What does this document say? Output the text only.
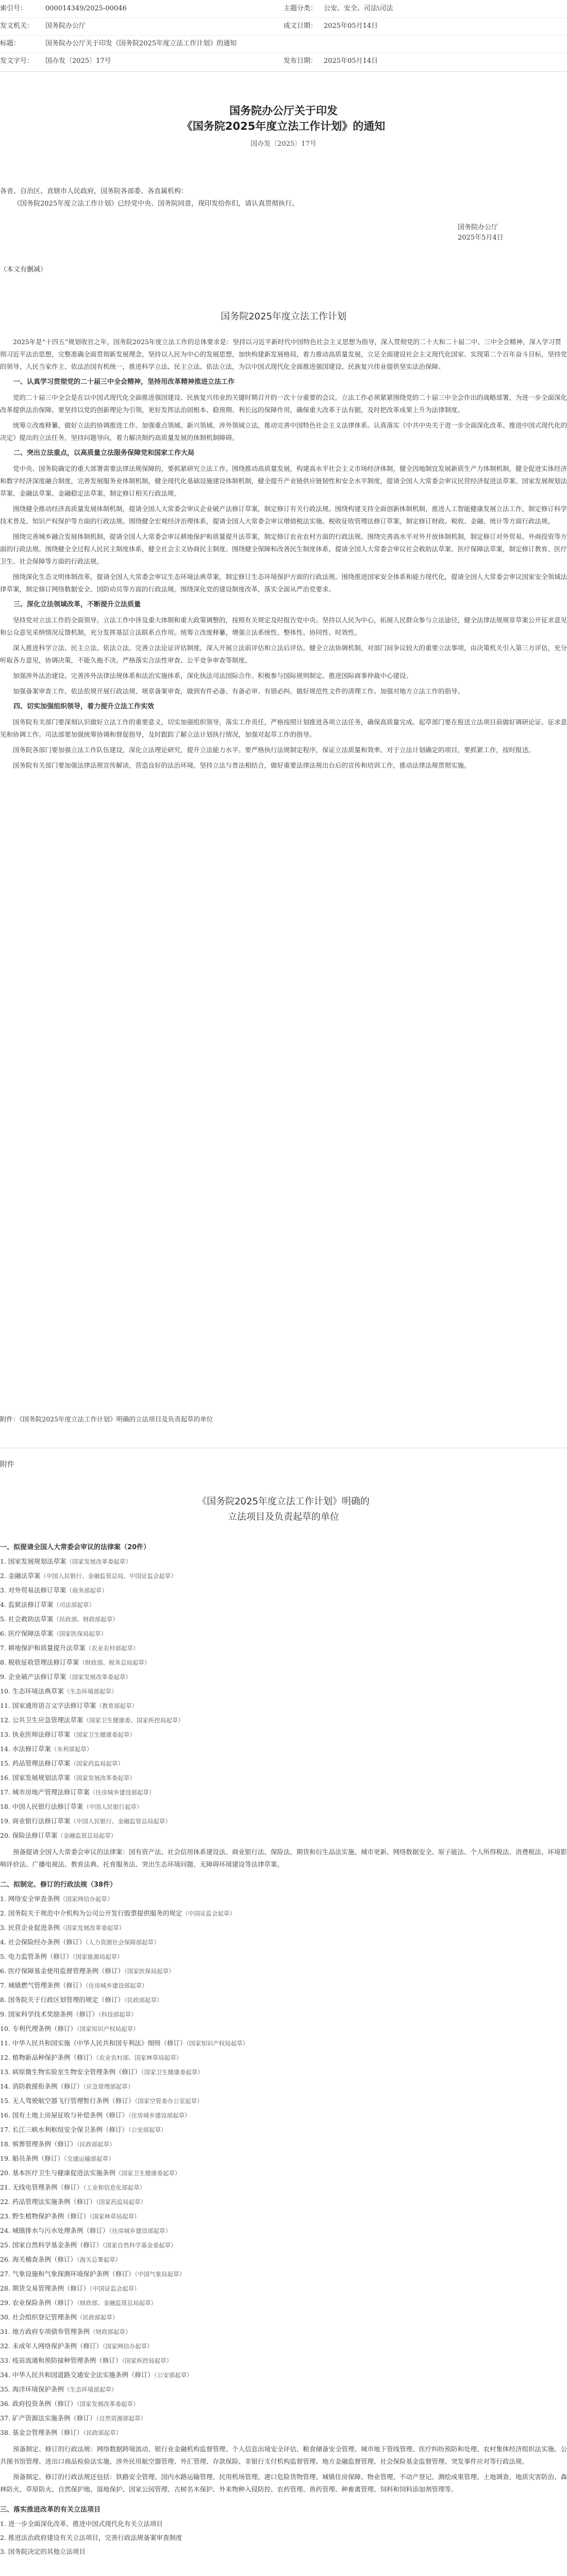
索引号：	000014349/2025-00046	主题分类： 公安、安全、司法\司法
发文机关： 国务院办公厅	成文日期： 2025年05月14日
标题：	国务院办公厅关于印发《国务院2025年度立法工作计划》的通知
发文字号： 国办发〔2025〕17号	发布日期： 2025年05月14日
国务院办公厅关于印发
《国务院2025年度立法工作计划》的通知
国办发〔2025〕17号

各省、自治区、直辖市人民政府，国务院各部委、各直属机构：

《国务院2025年度立法工作计划》已经党中央、国务院同意，现印发给你们，请认真贯彻执行。

国务院办公厅
2025年5月4日
（本文有删减）
国务院2025年度立法工作计划

2025年是“十四五”规划收官之年，国务院2025年度立法工作的总体要求是：坚持以习近平新时代中国特色社会主义思想为指导，深入贯彻党的二十大和二十届二中、三中全会精神，深入学习贯彻习近平法治思想，完整准确全面贯彻新发展理念，坚持以人民为中心的发展思想，加快构建新发展格局，着力推动高质量发展，立足全面建设社会主义现代化国家、实现第二个百年奋斗目标，坚持党的领导、人民当家作主、依法治国有机统一，推进科学立法、民主立法、依法立法，为以中国式现代化全面推进强国建设、民族复兴伟业提供坚实法治保障。

一、认真学习贯彻党的二十届三中全会精神，坚持用改革精神推进立法工作

党的二十届三中全会是在以中国式现代化全面推进强国建设、民族复兴伟业的关键时期召开的一次十分重要的会议。立法工作必须紧紧围绕党的二十届三中全会作出的战略部署，为进一步全面深化改革提供法治保障。要坚持以党的创新理论为引领，更好发挥法治固根本、稳预期、利长远的保障作用，确保重大改革于法有据，及时把改革成果上升为法律制度。

统筹立改废释纂，做好立法的协调推进工作。加强重点领域、新兴领域、涉外领域立法，推动完善中国特色社会主义法律体系。认真落实《中共中央关于进一步全面深化改革、推进中国式现代化的决定》提出的立法任务，坚持问题导向，着力解决制约高质量发展的体制机制障碍。

二、突出立法重点，以高质量立法服务保障党和国家工作大局

党中央、国务院确定的重大部署需要法律法规保障的，要抓紧研究立法工作。围绕推动高质量发展，构建高水平社会主义市场经济体制，健全因地制宜发展新质生产力体制机制，健全促进实体经济和数字经济深度融合制度，完善发展服务业体制机制，健全现代化基础设施建设体制机制，健全提升产业链供应链韧性和安全水平制度，提请全国人大常委会审议民营经济促进法草案、国家发展规划法草案、金融法草案、金融稳定法草案，制定修订相关行政法规。

围绕健全推动经济高质量发展体制机制，提请全国人大常委会审议企业破产法修订草案，制定修订有关行政法规。围绕构建支持全面创新体制机制，推进人工智能健康发展立法工作，制定修订科学技术普及、知识产权保护等方面的行政法规。围绕健全宏观经济治理体系，提请全国人大常委会审议增值税法实施、税收征收管理法修订草案，制定修订财政、税收、金融、统计等方面行政法规。

围绕完善城乡融合发展体制机制，提请全国人大常委会审议耕地保护和质量提升法草案，制定修订农业农村方面的行政法规。围绕完善高水平对外开放体制机制，制定修订对外贸易、外商投资等方面的行政法规。围绕健全全过程人民民主制度体系，健全社会主义协商民主制度。围绕健全保障和改善民生制度体系，提请全国人大常委会审议社会救助法草案、医疗保障法草案，制定修订教育、医疗卫生、社会保障等方面的行政法规。

围绕深化生态文明体制改革，提请全国人大常委会审议生态环境法典草案，制定修订生态环境保护方面的行政法规。围绕推进国家安全体系和能力现代化，提请全国人大常委会审议国家安全领域法律草案，制定修订网络数据安全、国防动员等方面的行政法规。围绕深化党的建设制度改革，落实全面从严治党要求。

三、深化立法领域改革，不断提升立法质量

坚持党对立法工作的全面领导。立法工作中涉及重大体制和重大政策调整的，按照有关规定及时报告党中央。坚持以人民为中心，拓展人民群众参与立法途径，健全法律法规规章草案公开征求意见和公众意见采纳情况反馈机制，充分发挥基层立法联系点作用。统筹立改废释纂，增强立法系统性、整体性、协同性、时效性。

深入推进科学立法、民主立法、依法立法。完善立法论证评估制度，深入开展立法前评估和立法后评估。健全立法协调机制，对部门间争议较大的重要立法事项，由决策机关引入第三方评估，充分听取各方意见，协调决策，不能久拖不决。严格落实合法性审查、公平竞争审查等制度。

加强涉外法治建设。完善涉外法律法规体系和法治实施体系，深化执法司法国际合作。积极参与国际规则制定。推进国际商事仲裁中心建设。

加强备案审查工作。依法依规开展行政法规、规章备案审查，做到有件必备、有备必审、有错必纠。做好规范性文件的清理工作。加强对地方立法工作的指导。

四、切实加强组织领导，着力提升立法工作实效

国务院有关部门要深刻认识做好立法工作的重要意义，切实加强组织领导，落实工作责任，严格按照计划推进各项立法任务，确保高质量完成。起草部门要在报送立法项目前做好调研论证、征求意见和协调工作。司法部要加强统筹协调和督促指导，及时跟踪了解立法计划执行情况，加强对起草工作的指导。

国务院各部门要加强立法工作队伍建设，深化立法理论研究，提升立法能力水平。要严格执行法规制定程序，保证立法质量和效率。对于立法计划确定的项目，要抓紧工作，按时报送。

国务院有关部门要加强法律法规宣传解读，营造良好的法治环境。坚持立法与普法相结合，做好重要法律法规出台后的宣传和培训工作，推动法律法规贯彻实施。

附件：《国务院2025年度立法工作计划》明确的立法项目及负责起草的单位
附件
《国务院2025年度立法工作计划》明确的
立法项目及负责起草的单位
一、拟提请全国人大常委会审议的法律案（20件）
1. 国家发展规划法草案（国家发展改革委起草）
2. 金融法草案（中国人民银行、金融监管总局、中国证监会起草）
3. 对外贸易法修订草案（商务部起草）
4. 监狱法修订草案（司法部起草）
5. 社会救助法草案（民政部、财政部起草）
6. 医疗保障法草案（国家医保局起草）
7. 耕地保护和质量提升法草案（农业农村部起草）
8. 税收征收管理法修订草案（财政部、税务总局起草）
9. 企业破产法修订草案（国家发展改革委起草）
10. 生态环境法典草案（生态环境部起草）
11. 国家通用语言文字法修订草案（教育部起草）
12. 公共卫生应急管理法草案（国家卫生健康委、国家疾控局起草）
13. 执业医师法修订草案（国家卫生健康委起草）
14. 水法修订草案（水利部起草）
15. 药品管理法修订草案（国家药监局起草）
16. 国家发展规划法草案（国家发展改革委起草）
17. 城市房地产管理法修订草案（住房城乡建设部起草）
18. 中国人民银行法修订草案（中国人民银行起草）
19. 商业银行法修订草案（中国人民银行、金融监管总局起草）
20. 保险法修订草案（金融监管总局起草）

预备提请全国人大常委会审议的法律案：国有资产法、社会信用体系建设法、商业银行法、保险法、期货和衍生品法实施、城市更新、网络数据安全、原子能法、个人所得税法、消费税法、环境影响评价法、广播电视法、教育法典、托育服务法、突出生态环境问题、无障碍环境建设等法律草案。

二、拟制定、修订的行政法规（38件）
1. 网络安全审查条例（国家网信办起草）
2. 国务院关于规范中介机构为公司公开发行股票提供服务的规定（中国证监会起草）
3. 民营企业促进条例（国家发展改革委起草）
4. 社会保险经办条例（修订）（人力资源社会保障部起草）
5. 电力监管条例（修订）（国家能源局起草）
6. 医疗保障基金使用监督管理条例（修订）（国家医保局起草）
7. 城镇燃气管理条例（修订）（住房城乡建设部起草）
8. 国务院关于行政区划管理的规定（修订）（民政部起草）
9. 国家科学技术奖励条例（修订）（科技部起草）
10. 专利代理条例（修订）（国家知识产权局起草）
11. 中华人民共和国实施《中华人民共和国专利法》细则（修订）（国家知识产权局起草）
12. 植物新品种保护条例（修订）（农业农村部、国家林草局起草）
13. 病原微生物实验室生物安全管理条例（修订）（国家卫生健康委起草）
14. 消防救援衔条例（修订）（应急管理部起草）
15. 无人驾驶航空器飞行管理暂行条例（修订）（国家空管委办公室起草）
16. 国有土地上房屋征收与补偿条例（修订）（住房城乡建设部起草）
17. 长江三峡水利枢纽安全保卫条例（修订）（公安部起草）
18. 殡葬管理条例（修订）（民政部起草）
19. 船员条例（修订）（交通运输部起草）
20. 基本医疗卫生与健康促进法实施条例（国家卫生健康委起草）
21. 无线电管理条例（修订）（工业和信息化部起草）
22. 药品管理法实施条例（修订）（国家药监局起草）
23. 野生植物保护条例（修订）（国家林草局起草）
24. 城镇排水与污水处理条例（修订）（住房城乡建设部起草）
25. 国家自然科学基金条例（修订）（国家自然科学基金委起草）
26. 海关稽查条例（修订）（海关总署起草）
27. 气象设施和气象探测环境保护条例（修订）（中国气象局起草）
28. 期货交易管理条例（修订）（中国证监会起草）
29. 农业保险条例（修订）（财政部、金融监管总局起草）
30. 社会组织登记管理条例（民政部起草）
31. 地方政府专项债券管理条例（财政部起草）
32. 未成年人网络保护条例（修订）（国家网信办起草）
33. 疫苗流通和预防接种管理条例（修订）（国家疾控局起草）
34. 中华人民共和国道路交通安全法实施条例（修订）（公安部起草）
35. 海洋环境保护条例（生态环境部起草）
36. 政府投资条例（修订）（国家发展改革委起草）
37. 矿产资源法实施条例（修订）（自然资源部起草）
38. 基金会管理条例（修订）（民政部起草）

预备制定、修订的行政法规：网络数据跨境流动、银行业金融机构监督管理、个人信息出境安全评估、粮食储备安全管理、城市地下管线管理、医疗纠纷预防和处理、农村集体经济组织法实施、公共图书馆管理、进出口商品检验法实施、涉外民用航空器管理、外汇管理、存款保险、非银行支付机构监督管理、地方金融监督管理、社会保险基金监督管理、突发事件应对等行政法规。

预备制定、修订的行政法规还包括：铁路安全管理、国内水路运输管理、民用机场管理、港口危险货物管理、城镇住房保障、物业管理、不动产登记、测绘成果管理、土地调查、地质灾害防治、森林防火、草原防火、自然保护地、湿地保护、国家公园管理、古树名木保护、外来物种入侵防控、农药管理、兽药管理、种畜禽管理、饲料和饲料添加剂管理等。

三、落实推进改革的有关立法项目
1. 进一步全面深化改革、推进中国式现代化有关立法项目
2. 推进法治政府建设有关立法项目，完善行政法规备案审查制度
3. 国务院决定的其他立法项目
